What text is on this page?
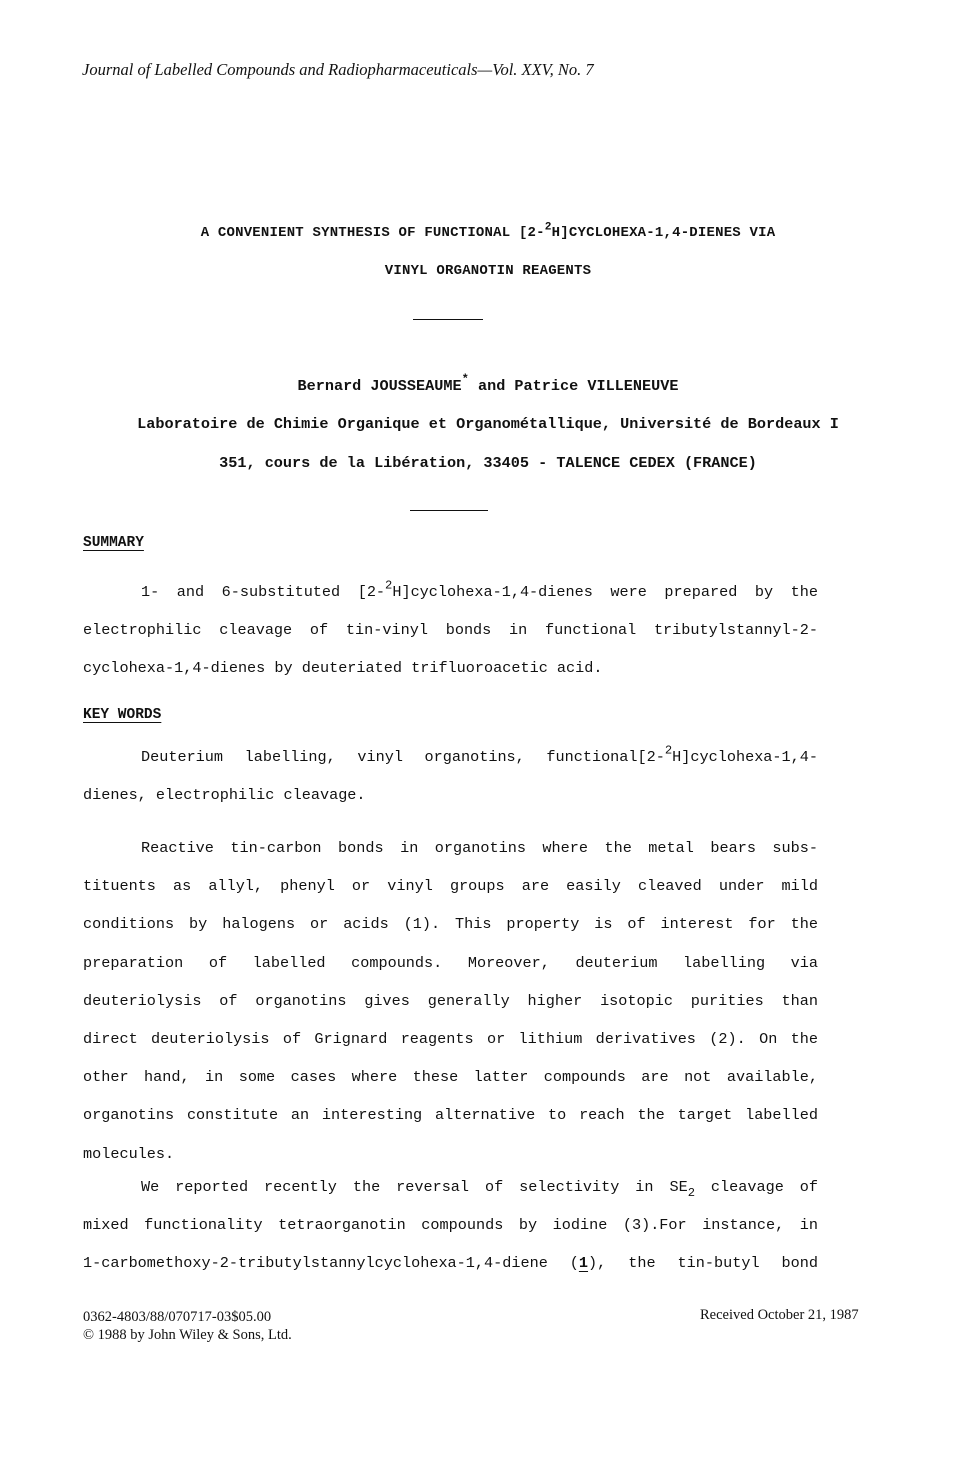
Journal of Labelled Compounds and Radiopharmaceuticals—Vol. XXV, No. 7
A CONVENIENT SYNTHESIS OF FUNCTIONAL [2-$^2$H]CYCLOHEXA-1,4-DIENES VIA
VINYL ORGANOTIN REAGENTS
Bernard JOUSSEAUME* and Patrice VILLENEUVE
Laboratoire de Chimie Organique et Organométallique, Université de Bordeaux I
351, cours de la Libération, 33405 - TALENCE CEDEX (FRANCE)
SUMMARY
1- and 6-substituted [2-$^2$H]cyclohexa-1,4-dienes were prepared by the
electrophilic cleavage of tin-vinyl bonds in functional tributylstannyl-2-
cyclohexa-1,4-dienes by deuteriated trifluoroacetic acid.
KEY WORDS
Deuterium labelling, vinyl organotins, functional[2-$^2$H]cyclohexa-1,4-
dienes, electrophilic cleavage.
Reactive tin-carbon bonds in organotins where the metal bears subs-
tituents as allyl, phenyl or vinyl groups are easily cleaved under mild
conditions by halogens or acids (1). This property is of interest for the
preparation of labelled compounds. Moreover, deuterium labelling via
deuteriolysis of organotins gives generally higher isotopic purities than
direct deuteriolysis of Grignard reagents or lithium derivatives (2). On the
other hand, in some cases where these latter compounds are not available,
organotins constitute an interesting alternative to reach the target labelled
molecules.
We reported recently the reversal of selectivity in $SE_2$ cleavage of
mixed functionality tetraorganotin compounds by iodine (3).For instance, in
1-carbomethoxy-2-tributylstannylcyclohexa-1,4-diene (1), the tin-butyl bond
0362-4803/88/070717-03$05.00
© 1988 by John Wiley & Sons, Ltd.
Received October 21, 1987
